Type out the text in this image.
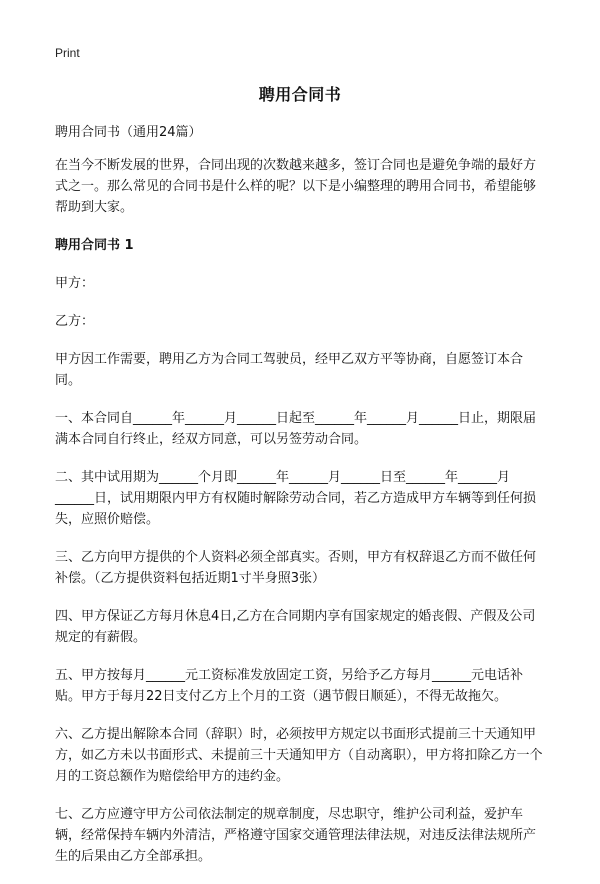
Print
聘用合同书

聘用合同书（通用24篇）

在当今不断发展的世界，合同出现的次数越来越多，签订合同也是避免争端的最好方式之一。那么常见的合同书是什么样的呢？以下是小编整理的聘用合同书，希望能够帮助到大家。

聘用合同书 1

甲方：

乙方：

甲方因工作需要，聘用乙方为合同工驾驶员，经甲乙双方平等协商，自愿签订本合同。

一、本合同自______年______月______日起至______年______月______日止，期限届满本合同自行终止，经双方同意，可以另签劳动合同。

二、其中试用期为______个月即______年______月______日至______年______月______日，试用期限内甲方有权随时解除劳动合同，若乙方造成甲方车辆等到任何损失，应照价赔偿。

三、乙方向甲方提供的个人资料必须全部真实。否则，甲方有权辞退乙方而不做任何补偿。（乙方提供资料包括近期1寸半身照3张）

四、甲方保证乙方每月休息4日,乙方在合同期内享有国家规定的婚丧假、产假及公司规定的有薪假。

五、甲方按每月______元工资标准发放固定工资，另给予乙方每月______元电话补贴。甲方于每月22日支付乙方上个月的工资（遇节假日顺延），不得无故拖欠。

六、乙方提出解除本合同（辞职）时，必须按甲方规定以书面形式提前三十天通知甲方，如乙方未以书面形式、未提前三十天通知甲方（自动离职），甲方将扣除乙方一个月的工资总额作为赔偿给甲方的违约金。

七、乙方应遵守甲方公司依法制定的规章制度，尽忠职守，维护公司利益，爱护车辆，经常保持车辆内外清洁，严格遵守国家交通管理法律法规，对违反法律法规所产生的后果由乙方全部承担。
